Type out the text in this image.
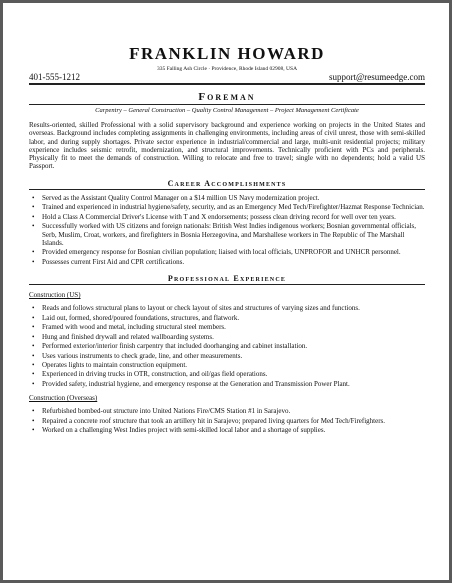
FRANKLIN HOWARD
335 Falling Ash Circle · Providence, Rhode Island 02908, USA
401-555-1212	support@resumeedge.com
Foreman
Carpentry – General Construction – Quality Control Management – Project Management Certificate
Results-oriented, skilled Professional with a solid supervisory background and experience working on projects in the United States and overseas. Background includes completing assignments in challenging environments, including areas of civil unrest, those with semi-skilled labor, and during supply shortages. Private sector experience in industrial/commercial and large, multi-unit residential projects; military experience includes seismic retrofit, modernization, and structural improvements. Technically proficient with PCs and peripherals. Physically fit to meet the demands of construction. Willing to relocate and free to travel; single with no dependents; hold a valid US Passport.
Career Accomplishments
• Served as the Assistant Quality Control Manager on a $14 million US Navy modernization project.
• Trained and experienced in industrial hygiene/safety, security, and as an Emergency Med Tech/Firefighter/Hazmat Response Technician.
• Hold a Class A Commercial Driver's License with T and X endorsements; possess clean driving record for well over ten years.
• Successfully worked with US citizens and foreign nationals: British West Indies indigenous workers; Bosnian governmental officials, Serb, Muslim, Croat, workers, and firefighters in Bosnia Herzegovina, and Marshallese workers in The Republic of The Marshall Islands.
• Provided emergency response for Bosnian civilian population; liaised with local officials, UNPROFOR and UNHCR personnel.
• Possesses current First Aid and CPR certifications.
Professional Experience
Construction (US)
• Reads and follows structural plans to layout or check layout of sites and structures of varying sizes and functions.
• Laid out, formed, shored/poured foundations, structures, and flatwork.
• Framed with wood and metal, including structural steel members.
• Hung and finished drywall and related wallboarding systems.
• Performed exterior/interior finish carpentry that included doorhanging and cabinet installation.
• Uses various instruments to check grade, line, and other measurements.
• Operates lights to maintain construction equipment.
• Experienced in driving trucks in OTR, construction, and oil/gas field operations.
• Provided safety, industrial hygiene, and emergency response at the Generation and Transmission Power Plant.
Construction (Overseas)
• Refurbished bombed-out structure into United Nations Fire/CMS Station #1 in Sarajevo.
• Repaired a concrete roof structure that took an artillery hit in Sarajevo; prepared living quarters for Med Tech/Firefighters.
• Worked on a challenging West Indies project with semi-skilled local labor and a shortage of supplies.
